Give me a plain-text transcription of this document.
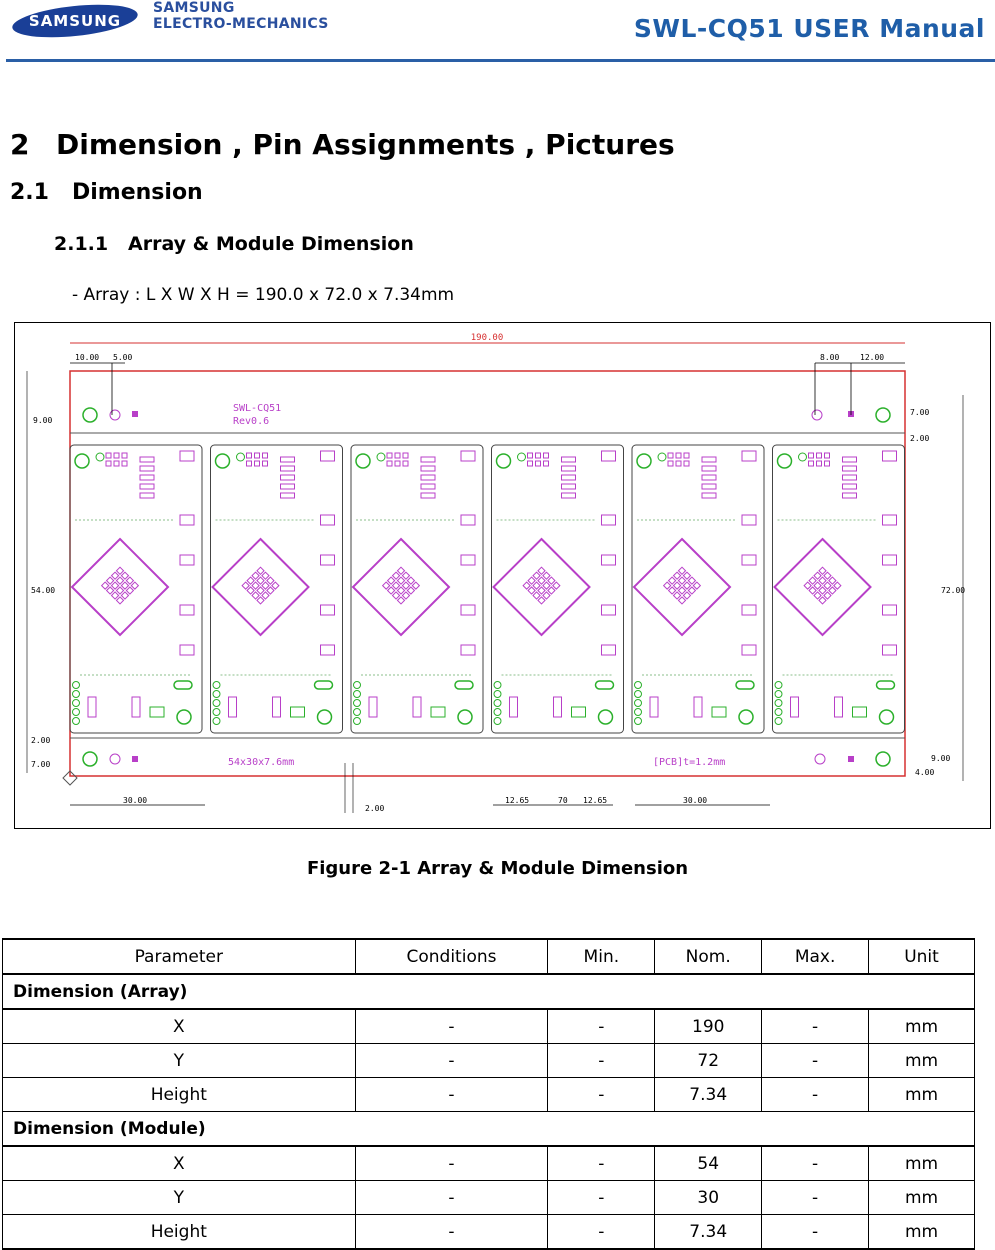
SAMSUNG
SAMSUNG
ELECTRO-MECHANICS	SWL-CQ51 USER Manual
2 Dimension , Pin Assignments , Pictures
2.1 Dimension
2.1.1 Array & Module Dimension
- Array : L X W X H = 190.0 x 72.0 x 7.34mm
190.00
10.00 5.00	8.00	12.00
9.00
54.00
2.00
7.00
7.00
2.00
72.00
9.00
4.00
30.00
2.00
12.65	70 12.65	30.00
SWL-CQ51
Rev0.6
54x30x7.6mm	[PCB]t=1.2mm
Figure 2-1 Array & Module Dimension
Parameter	Conditions	Min.	Nom.	Max.	Unit
Dimension (Array)					
X	-	-	190	-	mm
Y	-	-	72	-	mm
Height	-	-	7.34	-	mm
Dimension (Module)					
X	-	-	54	-	mm
Y	-	-	30	-	mm
Height	-	-	7.34	-	mm
